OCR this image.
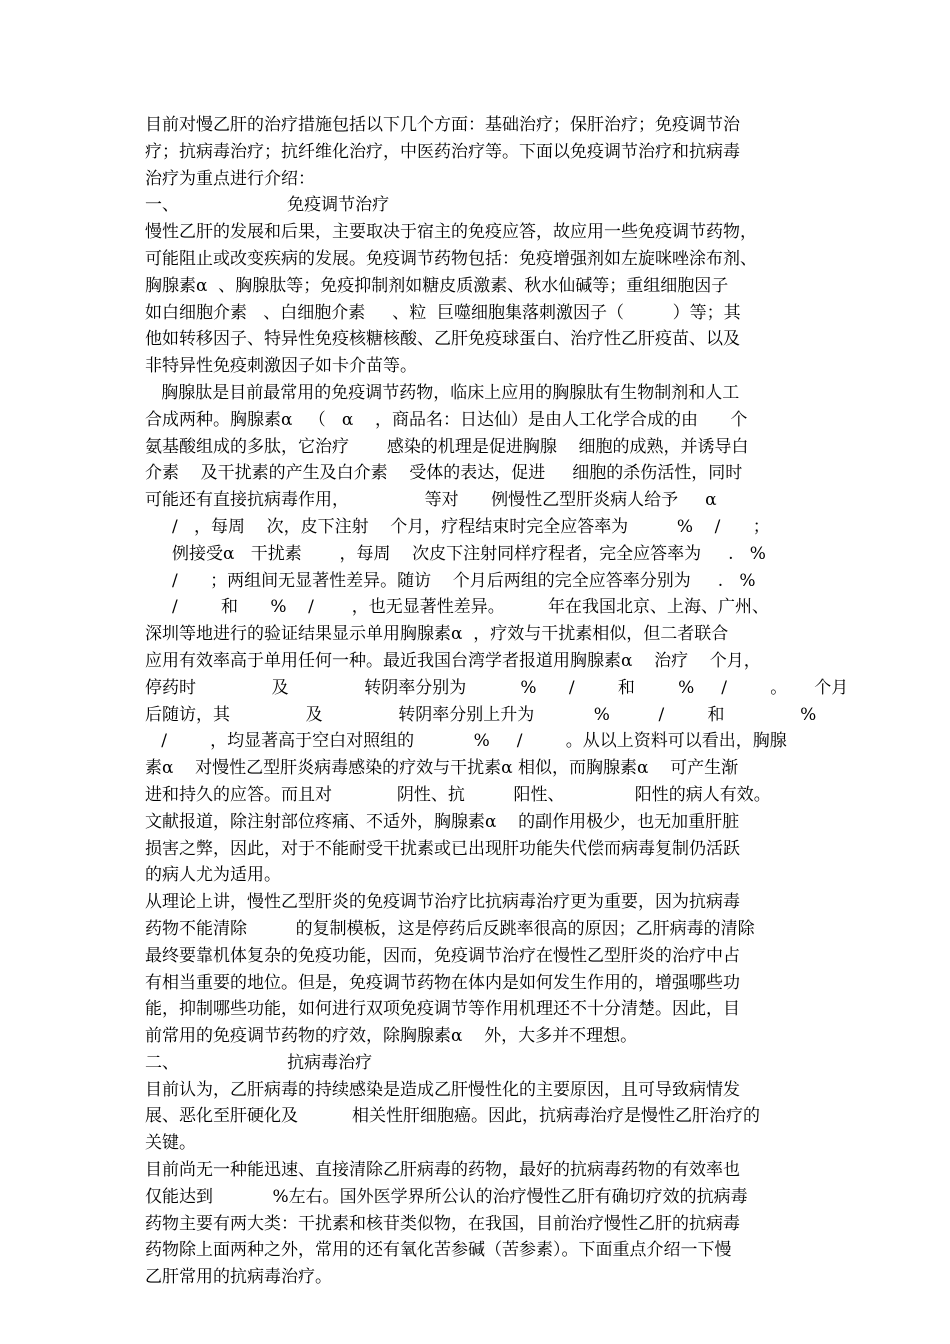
目前对慢乙肝的治疗措施包括以下几个方面：基础治疗；保肝治疗；免疫调节治
疗；抗病毒治疗；抗纤维化治疗，中医药治疗等。下面以免疫调节治疗和抗病毒
治疗为重点进行介绍：
一、                    免疫调节治疗
慢性乙肝的发展和后果，主要取决于宿主的免疫应答，故应用一些免疫调节药物，
可能阻止或改变疾病的发展。免疫调节药物包括：免疫增强剂如左旋咪唑涂布剂、
胸腺素α  、胸腺肽等；免疫抑制剂如糖皮质激素、秋水仙碱等；重组细胞因子
如白细胞介素   、白细胞介素     、粒  巨噬细胞集落刺激因子（         ）等；其
他如转移因子、特异性免疫核糖核酸、乙肝免疫球蛋白、治疗性乙肝疫苗、以及
非特异性免疫刺激因子如卡介苗等。
胸腺肽是目前最常用的免疫调节药物，临床上应用的胸腺肽有生物制剂和人工
合成两种。胸腺素α   （   α    ，商品名：日达仙）是由人工化学合成的由      个
氨基酸组成的多肽，它治疗       感染的机理是促进胸腺    细胞的成熟，并诱导白
介素    及干扰素的产生及白介素    受体的表达，促进     细胞的杀伤活性，同时
可能还有直接抗病毒作用，              等对      例慢性乙型肝炎病人给予     α
/   ，每周    次，皮下注射    个月，疗程结束时完全应答率为         %    /      ；
例接受α   干扰素       ，每周    次皮下注射同样疗程者，完全应答率为     .   %
/      ；两组间无显著性差异。随访    个月后两组的完全应答率分别为     .   %
/        和      %    /       ，也无显著性差异。        年在我国北京、上海、广州、
深圳等地进行的验证结果显示单用胸腺素α  ，疗效与干扰素相似，但二者联合
应用有效率高于单用任何一种。最近我国台湾学者报道用胸腺素α    治疗    个月，
停药时              及              转阴率分别为          %      /        和        %     /        。     个月
后随访，其              及              转阴率分别上升为           %         /        和              %
/        ，均显著高于空白对照组的           %     /        。从以上资料可以看出，胸腺
素α    对慢性乙型肝炎病毒感染的疗效与干扰素α 相似，而胸腺素α    可产生渐
进和持久的应答。而且对            阴性、抗         阳性、             阳性的病人有效。
文献报道，除注射部位疼痛、不适外，胸腺素α    的副作用极少，也无加重肝脏
损害之弊，因此，对于不能耐受干扰素或已出现肝功能失代偿而病毒复制仍活跃
的病人尤为适用。
从理论上讲，慢性乙型肝炎的免疫调节治疗比抗病毒治疗更为重要，因为抗病毒
药物不能清除         的复制模板，这是停药后反跳率很高的原因；乙肝病毒的清除
最终要靠机体复杂的免疫功能，因而，免疫调节治疗在慢性乙型肝炎的治疗中占
有相当重要的地位。但是，免疫调节药物在体内是如何发生作用的，增强哪些功
能，抑制哪些功能，如何进行双项免疫调节等作用机理还不十分清楚。因此，目
前常用的免疫调节药物的疗效，除胸腺素α    外，大多并不理想。
二、                    抗病毒治疗
目前认为，乙肝病毒的持续感染是造成乙肝慢性化的主要原因，且可导致病情发
展、恶化至肝硬化及          相关性肝细胞癌。因此，抗病毒治疗是慢性乙肝治疗的
关键。
目前尚无一种能迅速、直接清除乙肝病毒的药物，最好的抗病毒药物的有效率也
仅能达到           %左右。国外医学界所公认的治疗慢性乙肝有确切疗效的抗病毒
药物主要有两大类：干扰素和核苷类似物，在我国，目前治疗慢性乙肝的抗病毒
药物除上面两种之外，常用的还有氧化苦参碱（苦参素）。下面重点介绍一下慢
乙肝常用的抗病毒治疗。
